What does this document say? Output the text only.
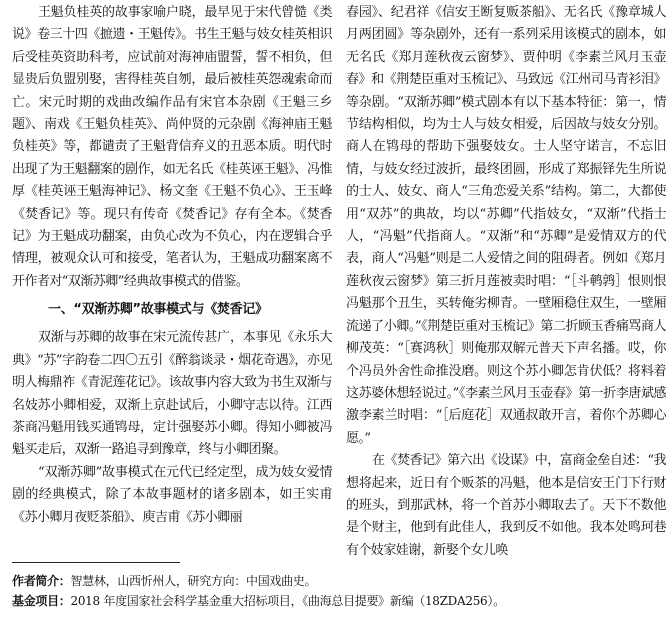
王魁负桂英的故事家喻户晓，最早见于宋代曾慥《类说》卷三十四《摭遗・王魁传》。书生王魁与妓女桂英相识后受桂英资助科考，应试前对海神庙盟誓，誓不相负，但显贵后负盟别娶，害得桂英自刎，最后被桂英怨魂索命而亡。宋元时期的戏曲改编作品有宋官本杂剧《王魁三乡题》、南戏《王魁负桂英》、尚仲贤的元杂剧《海神庙王魁负桂英》等，都谴责了王魁背信弃义的丑恶本质。明代时出现了为王魁翻案的剧作，如无名氏《桂英诬王魁》、冯惟厚《桂英诬王魁海神记》、杨文奎《王魁不负心》、王玉峰《焚香记》等。现只有传奇《焚香记》存有全本。《焚香记》为王魁成功翻案，由负心改为不负心，内在逻辑合乎情理，被观众认可和接受，笔者认为，王魁成功翻案离不开作者对“双渐苏卿”经典故事模式的借鉴。

一、“双渐苏卿”故事模式与《焚香记》

双渐与苏卿的故事在宋元流传甚广，本事见《永乐大典》“苏”字韵卷二四〇五引《醉翁谈录・烟花奇遇》，亦见明人梅鼎祚《青泥莲花记》。该故事内容大致为书生双渐与名妓苏小卿相爱，双渐上京赴试后，小卿守志以待。江西茶商冯魁用钱买通鸨母，定计强娶苏小卿。得知小卿被冯魁买走后，双渐一路追寻到豫章，终与小卿团聚。

“双渐苏卿”故事模式在元代已经定型，成为妓女爱情剧的经典模式，除了本故事题材的诸多剧本，如王实甫《苏小卿月夜贬茶船》、庾吉甫《苏小卿丽

春园》、纪君祥《信安王断复贩茶船》、无名氏《豫章城人月两团圆》等杂剧外，还有一系列采用该模式的剧本，如无名氏《郑月莲秋夜云窗梦》、贾仲明《李素兰风月玉壶春》和《荆楚臣重对玉梳记》、马致远《江州司马青衫泪》等杂剧。“双渐苏卿”模式剧本有以下基本特征：第一，情节结构相似，均为士人与妓女相爱，后因故与妓女分别。商人在鸨母的帮助下强娶妓女。士人坚守诺言，不忘旧情，与妓女经过波折，最终团圆，形成了郑振铎先生所说的士人、妓女、商人“三角恋爱关系”结构。第二，大都使用“双苏”的典故，均以“苏卿”代指妓女，“双渐”代指士人，“冯魁”代指商人。“双渐”和“苏卿”是爱情双方的代表，商人“冯魁”则是二人爱情之间的阻碍者。例如《郑月莲秋夜云窗梦》第三折月莲被卖时唱：“［斗鹌鹑］恨则恨冯魁那个丑生，买转俺劣柳青。一壁厢稳住双生，一壁厢流递了小卿。”《荆楚臣重对玉梳记》第二折顾玉香痛骂商人柳茂英：“［赛鸿秋］则俺那双解元普天下声名播。哎，你个冯员外舍性命推没磨。则这个苏小卿怎肯伏低？将料着这苏婆休想轻说过。”《李素兰风月玉壶春》第一折李唐斌感激李素兰时唱：“［后庭花］双通叔敢开言，着你个苏卿心愿。”

在《焚香记》第六出《设谋》中，富商金垒自述：“我想将起来，近日有个贩茶的冯魁，他本是信安王门下行财的班头，到那武林，将一个首苏小卿取去了。天下不数他是个财主，他到有此佳人，我到反不如他。我本处鸣珂巷有个妓家娃谢，新娶个女儿唤

作者简介：智慧林，山西忻州人，研究方向：中国戏曲史。
基金项目：2018 年度国家社会科学基金重大招标项目，《曲海总目提要》新编（18ZDA256）。
